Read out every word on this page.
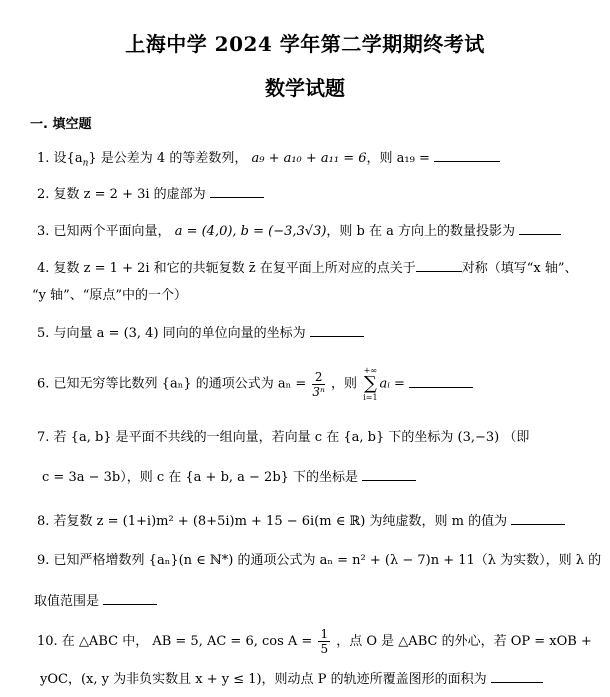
上海中学 2024 学年第二学期期终考试
数学试题
一. 填空题
1. 设$\{a_n\}$ 是公差为 4 的等差数列， a₉ + a₁₀ + a₁₁ = 6，则 a₁₉ =
2. 复数 z = 2 + 3i 的虚部为
3. 已知两个平面向量， a = (4,0), b = (−3,3√3)，则 b 在 a 方向上的数量投影为
4. 复数 z = 1 + 2i 和它的共轭复数 z̄ 在复平面上所对应的点关于	对称（填写“x 轴”、
“y 轴”、“原点”中的一个）
5. 与向量 a = (3, 4) 同向的单位向量的坐标为
6. 已知无穷等比数列 {aₙ} 的通项公式为 $a_n = \frac{2}{\text{3ⁿ}}$ ，则
+∞
∑
i=1
aᵢ =
7. 若 {a, b} 是平面不共线的一组向量，若向量 c 在 {a, b} 下的坐标为 (3,−3) （即
c = 3a − 3b），则 c 在 {a + b, a − 2b} 下的坐标是
8. 若复数 z = (1+i)m² + (8+5i)m + 15 − 6i(m ∈ ℝ) 为纯虚数，则 m 的值为
9. 已知严格增数列 {aₙ}(n ∈ ℕ*) 的通项公式为 aₙ = n² + (λ − 7)n + 11（λ 为实数），则 λ 的
取值范围是
10. 在 △ABC 中， AB = 5, AC = 6, $\cos A = \frac{1}{5}$ ，点 O 是 △ABC 的外心，若 OP = xOB +
yOC，(x, y 为非负实数且 x + y ≤ 1)，则动点 P 的轨迹所覆盖图形的面积为
